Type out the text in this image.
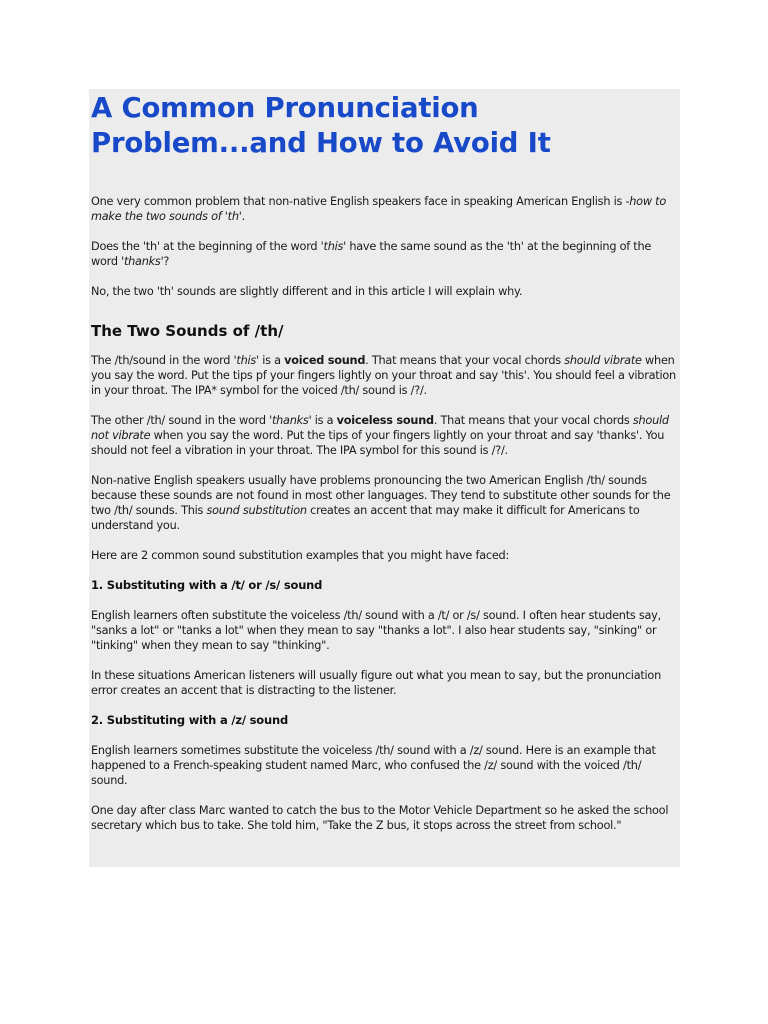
A Common Pronunciation
Problem...and How to Avoid It

One very common problem that non-native English speakers face in speaking American English is -how to make the two sounds of 'th'.

Does the 'th' at the beginning of the word 'this' have the same sound as the 'th' at the beginning of the word 'thanks'?

No, the two 'th' sounds are slightly different and in this article I will explain why.

The Two Sounds of /th/

The /th/sound in the word 'this' is a voiced sound. That means that your vocal chords should vibrate when you say the word. Put the tips pf your fingers lightly on your throat and say 'this'. You should feel a vibration in your throat. The IPA* symbol for the voiced /th/ sound is /?/.

The other /th/ sound in the word 'thanks' is a voiceless sound. That means that your vocal chords should not vibrate when you say the word. Put the tips of your fingers lightly on your throat and say 'thanks'. You should not feel a vibration in your throat. The IPA symbol for this sound is /?/.

Non-native English speakers usually have problems pronouncing the two American English /th/ sounds because these sounds are not found in most other languages. They tend to substitute other sounds for the two /th/ sounds. This sound substitution creates an accent that may make it difficult for Americans to understand you.

Here are 2 common sound substitution examples that you might have faced:

1. Substituting with a /t/ or /s/ sound

English learners often substitute the voiceless /th/ sound with a /t/ or /s/ sound. I often hear students say, "sanks a lot" or "tanks a lot" when they mean to say "thanks a lot". I also hear students say, "sinking" or "tinking" when they mean to say "thinking".

In these situations American listeners will usually figure out what you mean to say, but the pronunciation error creates an accent that is distracting to the listener.

2. Substituting with a /z/ sound

English learners sometimes substitute the voiceless /th/ sound with a /z/ sound. Here is an example that happened to a French-speaking student named Marc, who confused the /z/ sound with the voiced /th/ sound.

One day after class Marc wanted to catch the bus to the Motor Vehicle Department so he asked the school secretary which bus to take. She told him, "Take the Z bus, it stops across the street from school."
